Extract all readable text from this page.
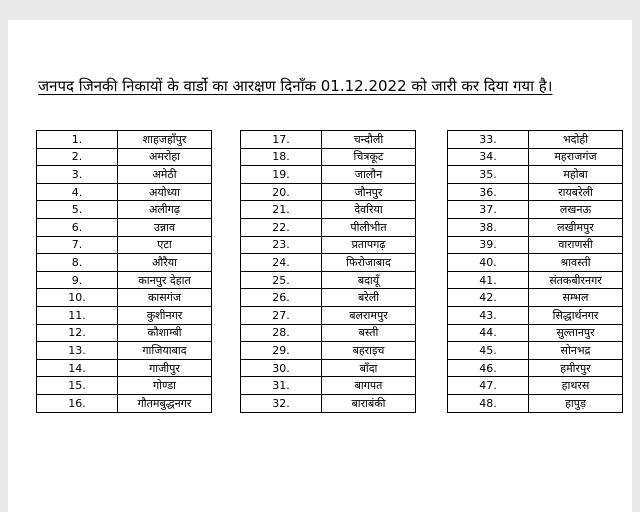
जनपद जिनकी निकायों के वार्डो का आरक्षण दिनाँक 01.12.2022 को जारी कर दिया गया है।
1.	शाहजहाँपुर
2.	अमरोहा
3.	अमेठी
4.	अयोध्या
5.	अलीगढ़
6.	उन्नाव
7.	एटा
8.	औरैया
9.	कानपुर देहात
10.	कासगंज
11.	कुशीनगर
12.	कौशाम्बी
13.	गाजियाबाद
14.	गाजीपुर
15.	गोण्डा
16.	गौतमबुद्धनगर
17.	चन्दौली
18.	चित्रकूट
19.	जालौन
20.	जौनपुर
21.	देवरिया
22.	पीलीभीत
23.	प्रतापगढ़
24.	फिरोजाबाद
25.	बदायूँ
26.	बरेली
27.	बलरामपुर
28.	बस्ती
29.	बहराइच
30.	बाँदा
31.	बागपत
32.	बाराबंकी
33.	भदोही
34.	महराजगंज
35.	महोबा
36.	रायबरेली
37.	लखनऊ
38.	लखीमपुर
39.	वाराणसी
40.	श्रावस्ती
41.	संतकबीरनगर
42.	सम्भल
43.	सिद्धार्थनगर
44.	सुल्तानपुर
45.	सोनभद्र
46.	हमीरपुर
47.	हाथरस
48.	हापुड़
